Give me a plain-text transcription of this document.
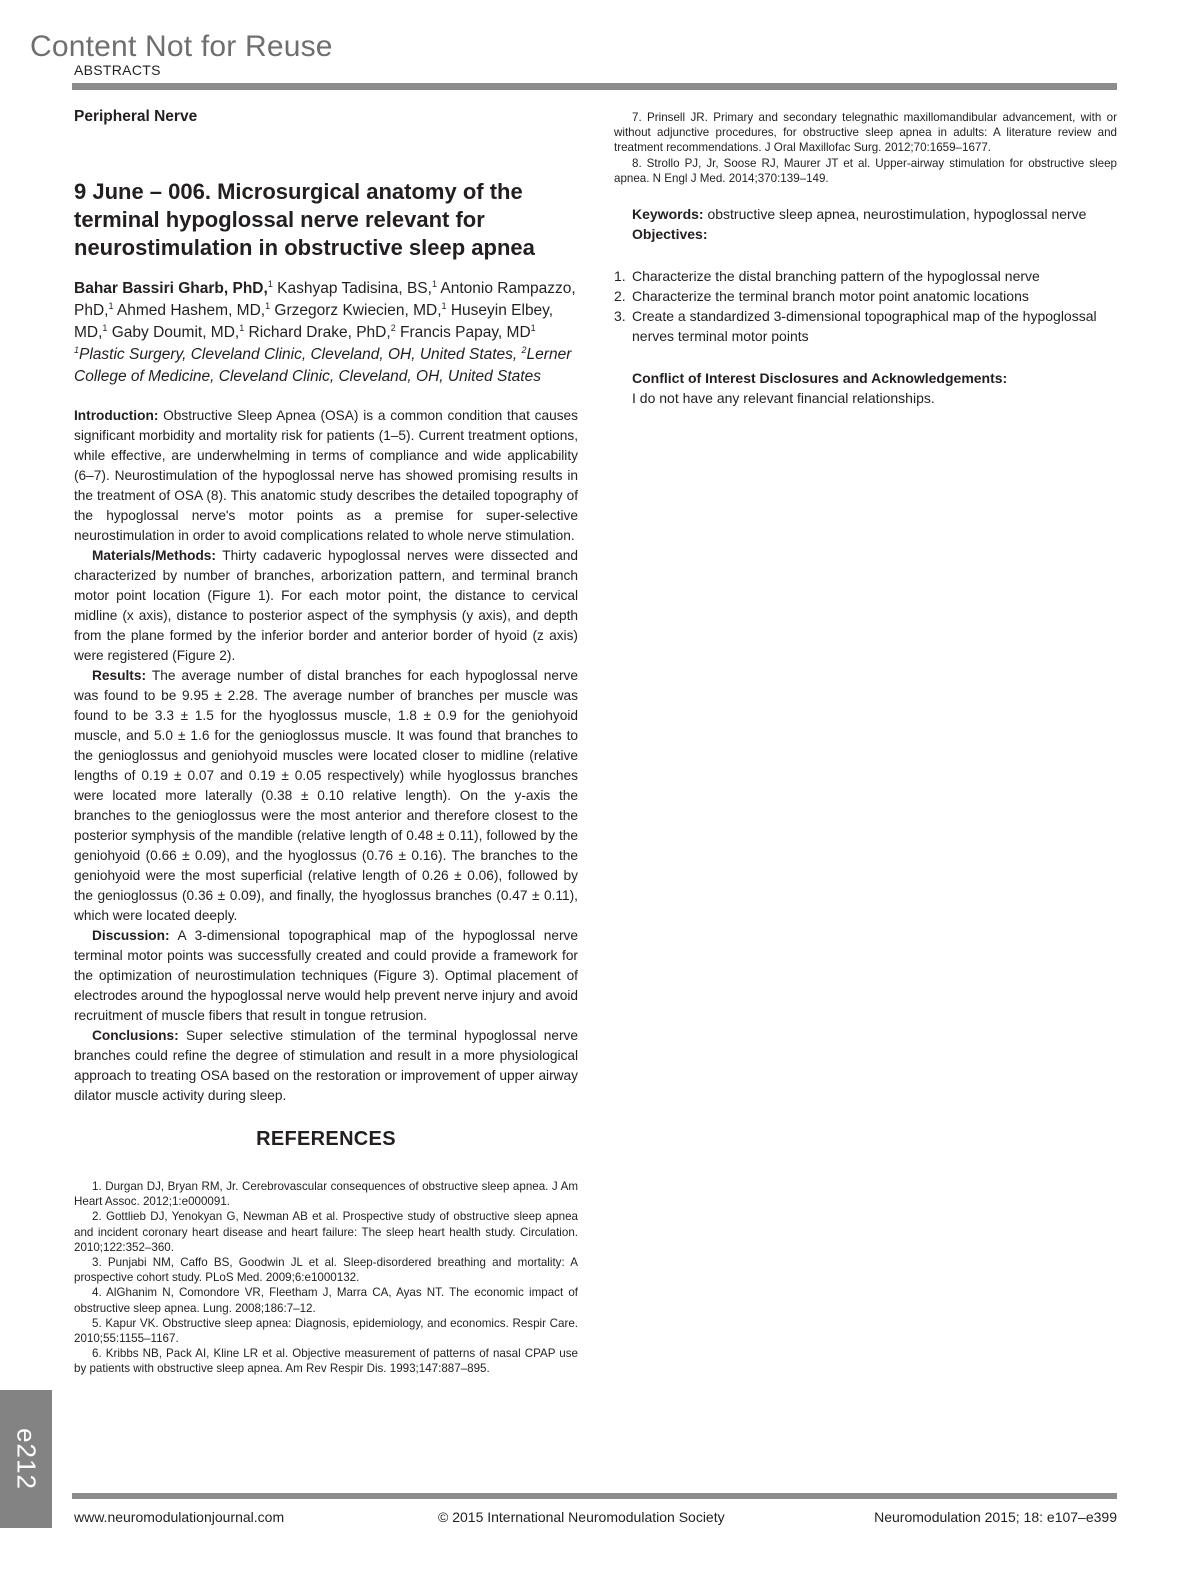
Content Not for Reuse
ABSTRACTS

Peripheral Nerve

9 June – 006. Microsurgical anatomy of the terminal hypoglossal nerve relevant for neurostimulation in obstructive sleep apnea

Bahar Bassiri Gharb, PhD,$^1$ Kashyap Tadisina, BS,$^1$ Antonio Rampazzo, PhD,$^1$ Ahmed Hashem, MD,$^1$ Grzegorz Kwiecien, MD,$^1$ Huseyin Elbey, MD,$^1$ Gaby Doumit, MD,$^1$ Richard Drake, PhD,$^2$ Francis Papay, $MD^1$

$^1$Plastic Surgery, Cleveland Clinic, Cleveland, OH, United States, $^2$Lerner College of Medicine, Cleveland Clinic, Cleveland, OH, United States

Introduction: Obstructive Sleep Apnea (OSA) is a common condition that causes significant morbidity and mortality risk for patients (1–5). Current treatment options, while effective, are underwhelming in terms of compliance and wide applicability (6–7). Neurostimulation of the hypoglossal nerve has showed promising results in the treatment of OSA (8). This anatomic study describes the detailed topography of the hypoglossal nerve's motor points as a premise for super-selective neurostimulation in order to avoid complications related to whole nerve stimulation.

Materials/Methods: Thirty cadaveric hypoglossal nerves were dissected and characterized by number of branches, arborization pattern, and terminal branch motor point location (Figure 1). For each motor point, the distance to cervical midline (x axis), distance to posterior aspect of the symphysis (y axis), and depth from the plane formed by the inferior border and anterior border of hyoid (z axis) were registered (Figure 2).

Results: The average number of distal branches for each hypoglossal nerve was found to be 9.95 ± 2.28. The average number of branches per muscle was found to be 3.3 ± 1.5 for the hyoglossus muscle, 1.8 ± 0.9 for the geniohyoid muscle, and 5.0 ± 1.6 for the genioglossus muscle. It was found that branches to the genioglossus and geniohyoid muscles were located closer to midline (relative lengths of 0.19 ± 0.07 and 0.19 ± 0.05 respectively) while hyoglossus branches were located more laterally (0.38 ± 0.10 relative length). On the y-axis the branches to the genioglossus were the most anterior and therefore closest to the posterior symphysis of the mandible (relative length of 0.48 ± 0.11), followed by the geniohyoid (0.66 ± 0.09), and the hyoglossus (0.76 ± 0.16). The branches to the geniohyoid were the most superficial (relative length of 0.26 ± 0.06), followed by the genioglossus (0.36 ± 0.09), and finally, the hyoglossus branches (0.47 ± 0.11), which were located deeply.

Discussion: A 3-dimensional topographical map of the hypoglossal nerve terminal motor points was successfully created and could provide a framework for the optimization of neurostimulation techniques (Figure 3). Optimal placement of electrodes around the hypoglossal nerve would help prevent nerve injury and avoid recruitment of muscle fibers that result in tongue retrusion.

Conclusions: Super selective stimulation of the terminal hypoglossal nerve branches could refine the degree of stimulation and result in a more physiological approach to treating OSA based on the restoration or improvement of upper airway dilator muscle activity during sleep.

REFERENCES

1. Durgan DJ, Bryan RM, Jr. Cerebrovascular consequences of obstructive sleep apnea. J Am Heart Assoc. 2012;1:e000091.

2. Gottlieb DJ, Yenokyan G, Newman AB et al. Prospective study of obstructive sleep apnea and incident coronary heart disease and heart failure: The sleep heart health study. Circulation. 2010;122:352–360.

3. Punjabi NM, Caffo BS, Goodwin JL et al. Sleep-disordered breathing and mortality: A prospective cohort study. PLoS Med. 2009;6:e1000132.

4. AlGhanim N, Comondore VR, Fleetham J, Marra CA, Ayas NT. The economic impact of obstructive sleep apnea. Lung. 2008;186:7–12.

5. Kapur VK. Obstructive sleep apnea: Diagnosis, epidemiology, and economics. Respir Care. 2010;55:1155–1167.

6. Kribbs NB, Pack AI, Kline LR et al. Objective measurement of patterns of nasal CPAP use by patients with obstructive sleep apnea. Am Rev Respir Dis. 1993;147:887–895.

7. Prinsell JR. Primary and secondary telegnathic maxillomandibular advancement, with or without adjunctive procedures, for obstructive sleep apnea in adults: A literature review and treatment recommendations. J Oral Maxillofac Surg. 2012;70:1659–1677.

8. Strollo PJ, Jr, Soose RJ, Maurer JT et al. Upper-airway stimulation for obstructive sleep apnea. N Engl J Med. 2014;370:139–149.

Keywords: obstructive sleep apnea, neurostimulation, hypoglossal nerve

Objectives:

1. Characterize the distal branching pattern of the hypoglossal nerve
2. Characterize the terminal branch motor point anatomic locations
3. Create a standardized 3-dimensional topographical map of the hypoglossal nerves terminal motor points

Conflict of Interest Disclosures and Acknowledgements:

I do not have any relevant financial relationships.

e212
www.neuromodulationjournal.com	© 2015 International Neuromodulation Society	Neuromodulation 2015; 18: e107–e399
